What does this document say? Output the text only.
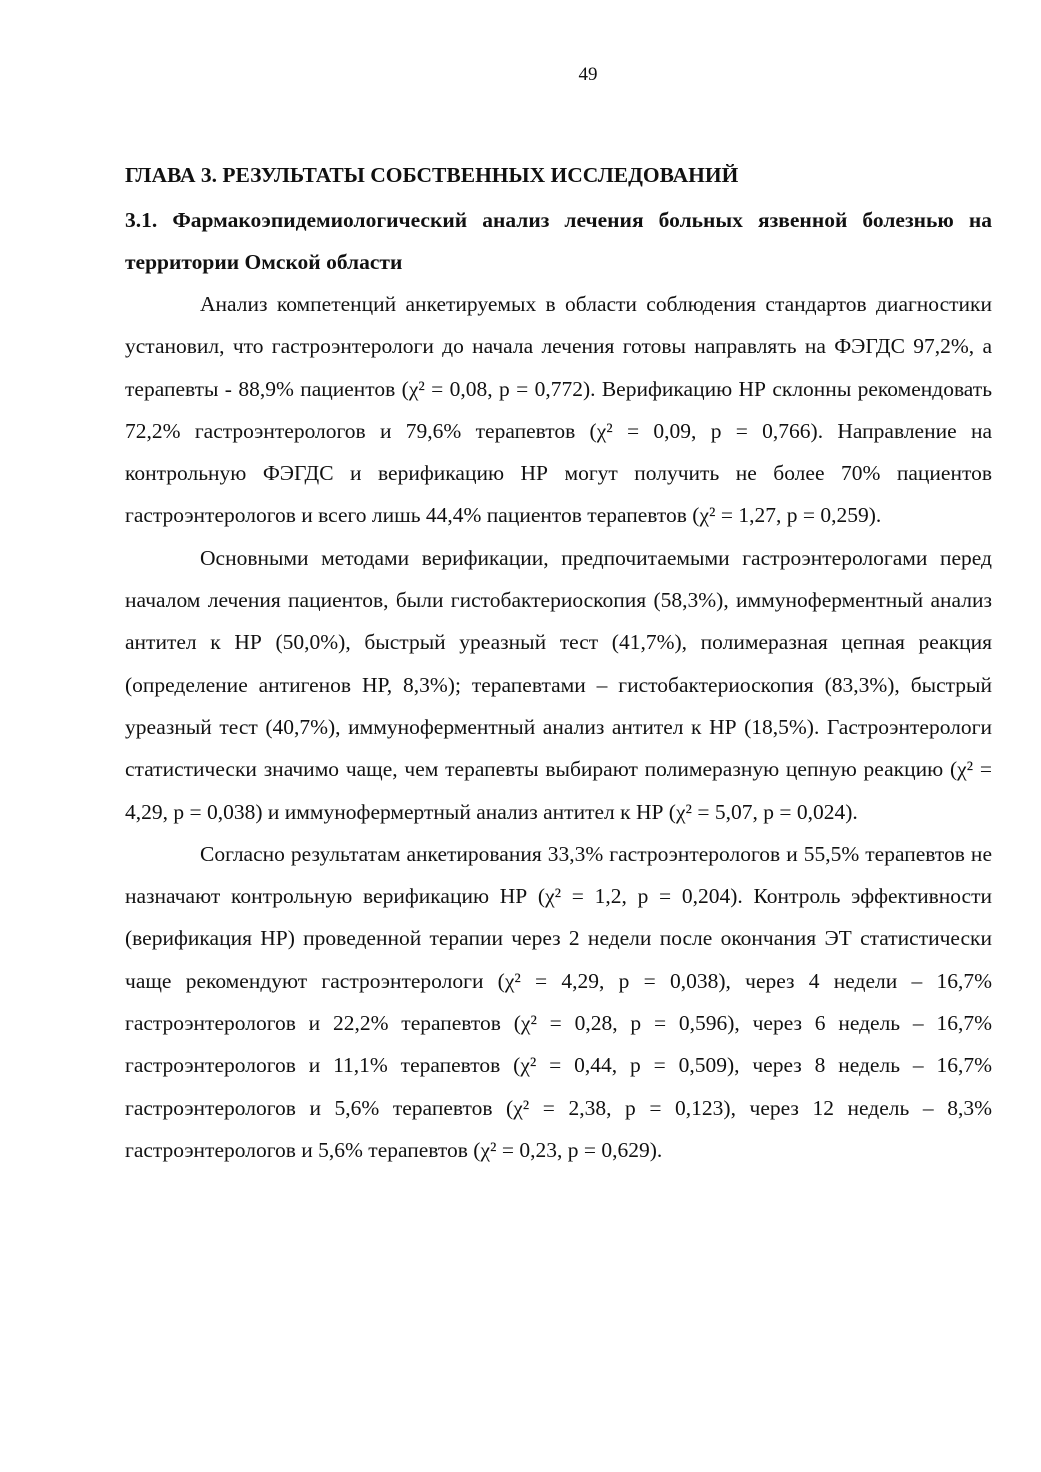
49
ГЛАВА 3. РЕЗУЛЬТАТЫ СОБСТВЕННЫХ ИССЛЕДОВАНИЙ
3.1. Фармакоэпидемиологический анализ лечения больных язвенной болезнью на территории Омской области

Анализ компетенций анкетируемых в области соблюдения стандартов диагностики установил, что гастроэнтерологи до начала лечения готовы направлять на ФЭГДС 97,2%, а терапевты - 88,9% пациентов (χ² = 0,08, p = 0,772). Верификацию НР склонны рекомендовать 72,2% гастроэнтерологов и 79,6% терапевтов (χ² = 0,09, p = 0,766). Направление на контрольную ФЭГДС и верификацию НР могут получить не более 70% пациентов гастроэнтерологов и всего лишь 44,4% пациентов терапевтов (χ² = 1,27, p = 0,259).

Основными методами верификации, предпочитаемыми гастроэнтерологами перед началом лечения пациентов, были гистобактериоскопия (58,3%), иммуноферментный анализ антител к НР (50,0%), быстрый уреазный тест (41,7%), полимеразная цепная реакция (определение антигенов НР, 8,3%); терапевтами – гистобактериоскопия (83,3%), быстрый уреазный тест (40,7%), иммуноферментный анализ антител к НР (18,5%). Гастроэнтерологи статистически значимо чаще, чем терапевты выбирают полимеразную цепную реакцию (χ² = 4,29, p = 0,038) и иммунофермертный анализ антител к НР (χ² = 5,07, p = 0,024).

Согласно результатам анкетирования 33,3% гастроэнтерологов и 55,5% терапевтов не назначают контрольную верификацию НР (χ² = 1,2, p = 0,204). Контроль эффективности (верификация НР) проведенной терапии через 2 недели после окончания ЭТ статистически чаще рекомендуют гастроэнтерологи (χ² = 4,29, p = 0,038), через 4 недели – 16,7% гастроэнтерологов и 22,2% терапевтов (χ² = 0,28, p = 0,596), через 6 недель – 16,7% гастроэнтерологов и 11,1% терапевтов (χ² = 0,44, p = 0,509), через 8 недель – 16,7% гастроэнтерологов и 5,6% терапевтов (χ² = 2,38, p = 0,123), через 12 недель – 8,3% гастроэнтерологов и 5,6% терапевтов (χ² = 0,23, p = 0,629).
